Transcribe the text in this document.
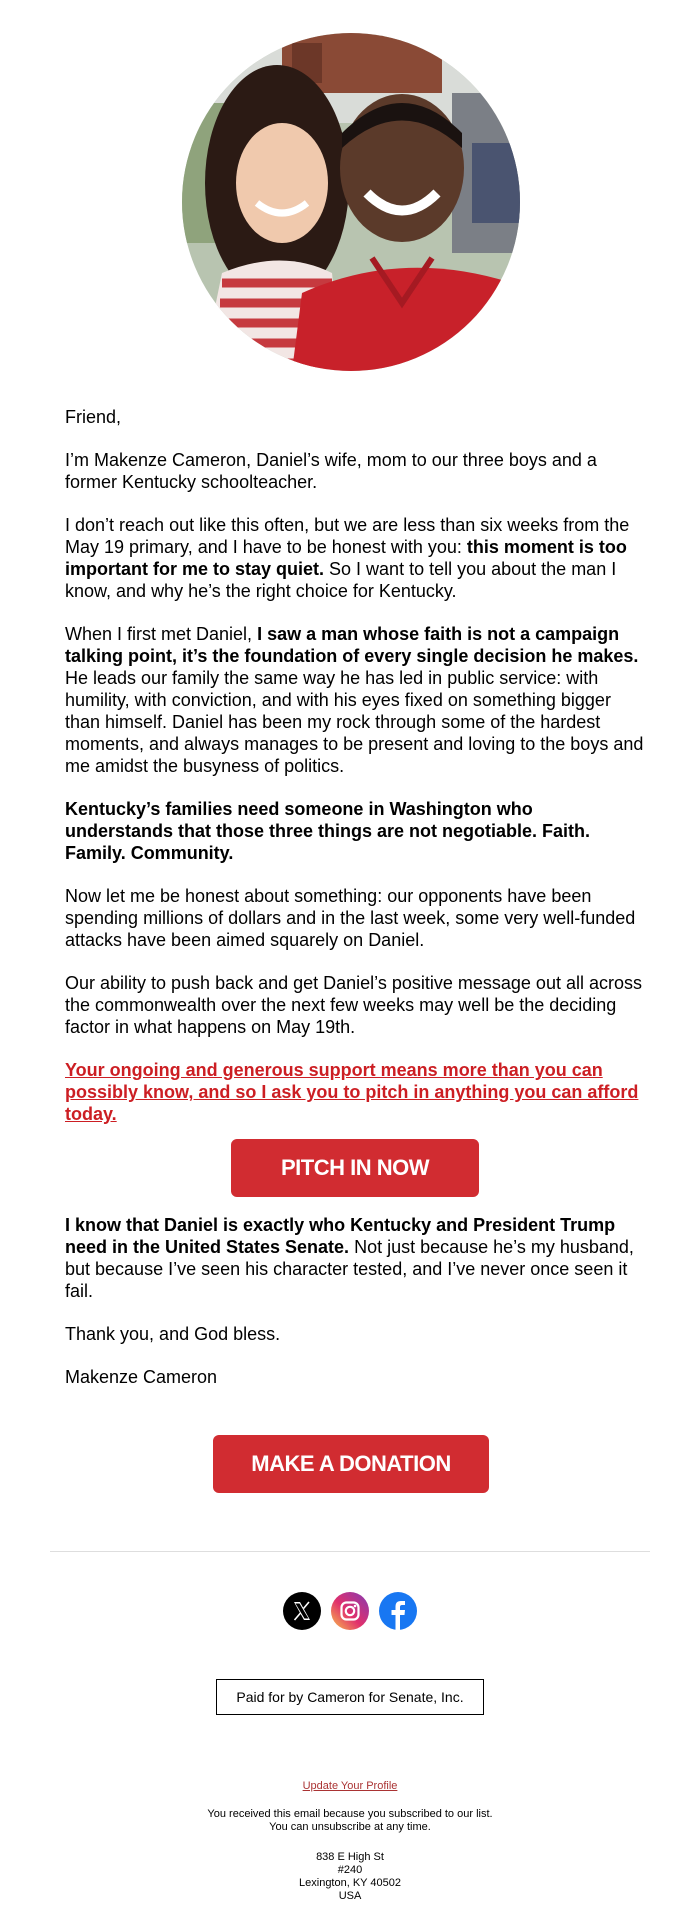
Friend,

I’m Makenze Cameron, Daniel’s wife, mom to our three boys and a former Kentucky schoolteacher.

I don’t reach out like this often, but we are less than six weeks from the May 19 primary, and I have to be honest with you: this moment is too important for me to stay quiet. So I want to tell you about the man I know, and why he’s the right choice for Kentucky.

When I first met Daniel, I saw a man whose faith is not a campaign talking point, it’s the foundation of every single decision he makes. He leads our family the same way he has led in public service: with humility, with conviction, and with his eyes fixed on something bigger than himself. Daniel has been my rock through some of the hardest moments, and always manages to be present and loving to the boys and me amidst the busyness of politics.

Kentucky’s families need someone in Washington who understands that those three things are not negotiable. Faith. Family. Community.

Now let me be honest about something: our opponents have been spending millions of dollars and in the last week, some very well-funded attacks have been aimed squarely on Daniel.

Our ability to push back and get Daniel’s positive message out all across the commonwealth over the next few weeks may well be the deciding factor in what happens on May 19th.

Your ongoing and generous support means more than you can possibly know, and so I ask you to pitch in anything you can afford today.

PITCH IN NOW

I know that Daniel is exactly who Kentucky and President Trump need in the United States Senate. Not just because he’s my husband, but because I’ve seen his character tested, and I’ve never once seen it fail.

Thank you, and God bless.

Makenze Cameron

MAKE A DONATION
Paid for by Cameron for Senate, Inc.
Update Your Profile
You received this email because you subscribed to our list.
You can unsubscribe at any time.
838 E High St
#240
Lexington, KY 40502
USA
